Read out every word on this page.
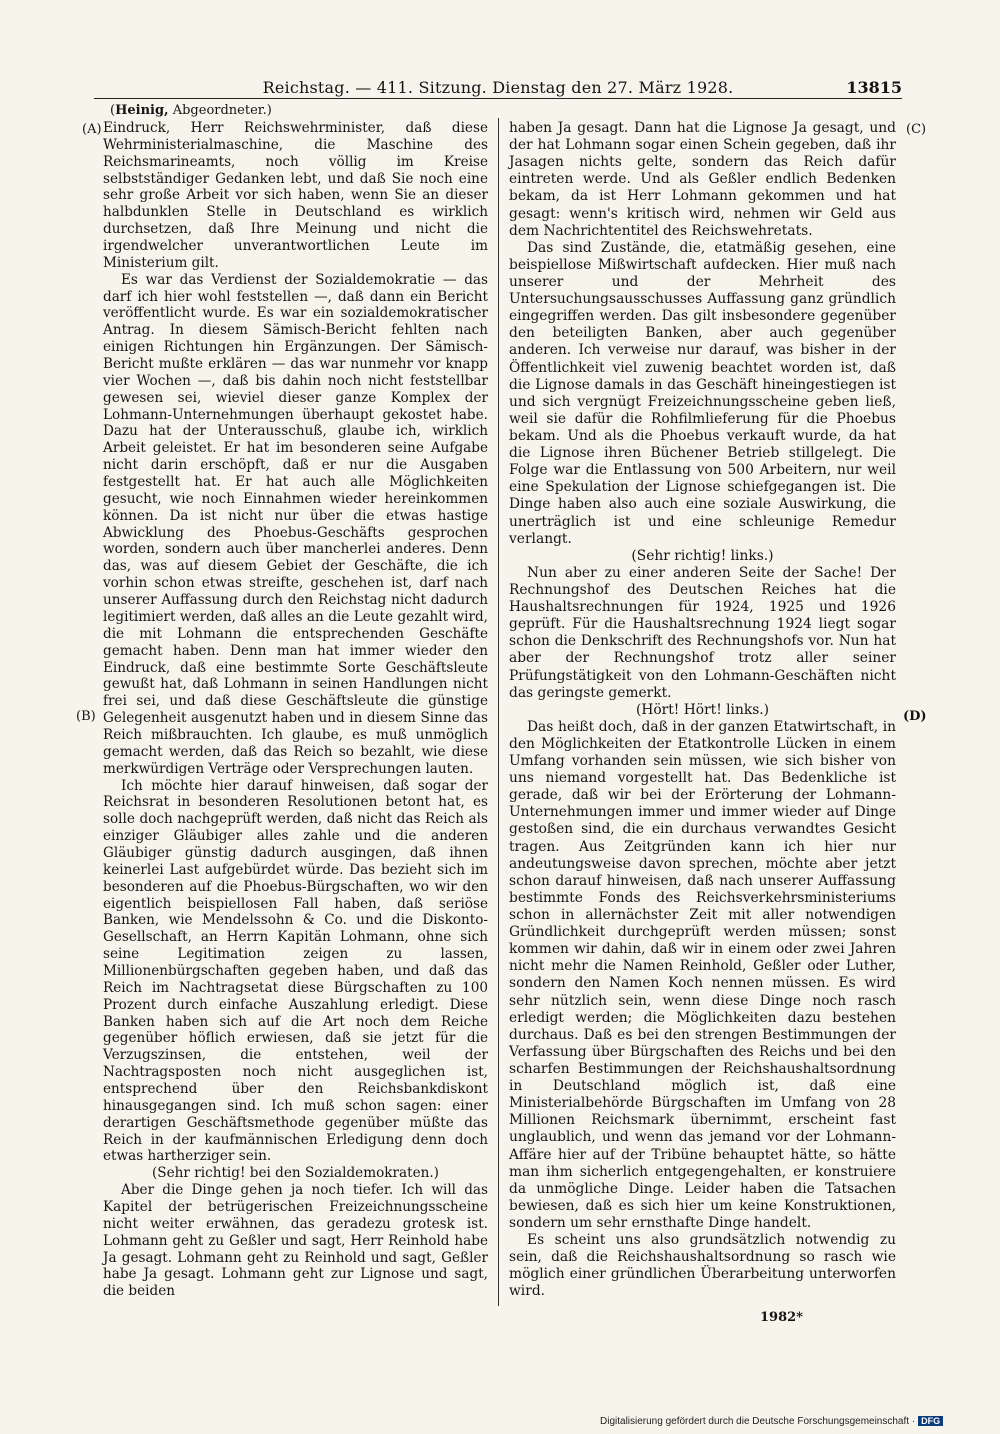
Reichstag. — 411. Sitzung. Dienstag den 27. März 1928.	13815
(Heinig, Abgeordneter.)
(A)
(B)
(C)
(D)

Eindruck, Herr Reichswehrminister, daß diese Wehrministerialmaschine, die Maschine des Reichsmarineamts, noch völlig im Kreise selbstständiger Gedanken lebt, und daß Sie noch eine sehr große Arbeit vor sich haben, wenn Sie an dieser halbdunklen Stelle in Deutschland es wirklich durchsetzen, daß Ihre Meinung und nicht die irgendwelcher unverantwortlichen Leute im Ministerium gilt.

Es war das Verdienst der Sozialdemokratie — das darf ich hier wohl feststellen —, daß dann ein Bericht veröffentlicht wurde. Es war ein sozialdemokratischer Antrag. In diesem Sämisch-Bericht fehlten nach einigen Richtungen hin Ergänzungen. Der Sämisch-Bericht mußte erklären — das war nunmehr vor knapp vier Wochen —, daß bis dahin noch nicht feststellbar gewesen sei, wieviel dieser ganze Komplex der Lohmann-Unternehmungen überhaupt gekostet habe. Dazu hat der Unterausschuß, glaube ich, wirklich Arbeit geleistet. Er hat im besonderen seine Aufgabe nicht darin erschöpft, daß er nur die Ausgaben festgestellt hat. Er hat auch alle Möglichkeiten gesucht, wie noch Einnahmen wieder hereinkommen können. Da ist nicht nur über die etwas hastige Abwicklung des Phoebus-Geschäfts gesprochen worden, sondern auch über mancherlei anderes. Denn das, was auf diesem Gebiet der Geschäfte, die ich vorhin schon etwas streifte, geschehen ist, darf nach unserer Auffassung durch den Reichstag nicht dadurch legitimiert werden, daß alles an die Leute gezahlt wird, die mit Lohmann die entsprechenden Geschäfte gemacht haben. Denn man hat immer wieder den Eindruck, daß eine bestimmte Sorte Geschäftsleute gewußt hat, daß Lohmann in seinen Handlungen nicht frei sei, und daß diese Geschäftsleute die günstige Gelegenheit ausgenutzt haben und in diesem Sinne das Reich mißbrauchten. Ich glaube, es muß unmöglich gemacht werden, daß das Reich so bezahlt, wie diese merkwürdigen Verträge oder Versprechungen lauten.

Ich möchte hier darauf hinweisen, daß sogar der Reichsrat in besonderen Resolutionen betont hat, es solle doch nachgeprüft werden, daß nicht das Reich als einziger Gläubiger alles zahle und die anderen Gläubiger günstig dadurch ausgingen, daß ihnen keinerlei Last aufgebürdet würde. Das bezieht sich im besonderen auf die Phoebus-Bürgschaften, wo wir den eigentlich beispiellosen Fall haben, daß seriöse Banken, wie Mendelssohn & Co. und die Diskonto-Gesellschaft, an Herrn Kapitän Lohmann, ohne sich seine Legitimation zeigen zu lassen, Millionenbürgschaften gegeben haben, und daß das Reich im Nachtragsetat diese Bürgschaften zu 100 Prozent durch einfache Auszahlung erledigt. Diese Banken haben sich auf die Art noch dem Reiche gegenüber höflich erwiesen, daß sie jetzt für die Verzugszinsen, die entstehen, weil der Nachtragsposten noch nicht ausgeglichen ist, entsprechend über den Reichsbankdiskont hinausgegangen sind. Ich muß schon sagen: einer derartigen Geschäftsmethode gegenüber müßte das Reich in der kaufmännischen Erledigung denn doch etwas hartherziger sein.

(Sehr richtig! bei den Sozialdemokraten.)

Aber die Dinge gehen ja noch tiefer. Ich will das Kapitel der betrügerischen Freizeichnungsscheine nicht weiter erwähnen, das geradezu grotesk ist. Lohmann geht zu Geßler und sagt, Herr Reinhold habe Ja gesagt. Lohmann geht zu Reinhold und sagt, Geßler habe Ja gesagt. Lohmann geht zur Lignose und sagt, die beiden

haben Ja gesagt. Dann hat die Lignose Ja gesagt, und der hat Lohmann sogar einen Schein gegeben, daß ihr Jasagen nichts gelte, sondern das Reich dafür eintreten werde. Und als Geßler endlich Bedenken bekam, da ist Herr Lohmann gekommen und hat gesagt: wenn's kritisch wird, nehmen wir Geld aus dem Nachrichtentitel des Reichswehretats.

Das sind Zustände, die, etatmäßig gesehen, eine beispiellose Mißwirtschaft aufdecken. Hier muß nach unserer und der Mehrheit des Untersuchungsausschusses Auffassung ganz gründlich eingegriffen werden. Das gilt insbesondere gegenüber den beteiligten Banken, aber auch gegenüber anderen. Ich verweise nur darauf, was bisher in der Öffentlichkeit viel zuwenig beachtet worden ist, daß die Lignose damals in das Geschäft hineingestiegen ist und sich vergnügt Freizeichnungsscheine geben ließ, weil sie dafür die Rohfilmlieferung für die Phoebus bekam. Und als die Phoebus verkauft wurde, da hat die Lignose ihren Büchener Betrieb stillgelegt. Die Folge war die Entlassung von 500 Arbeitern, nur weil eine Spekulation der Lignose schiefgegangen ist. Die Dinge haben also auch eine soziale Auswirkung, die unerträglich ist und eine schleunige Remedur verlangt.

(Sehr richtig! links.)

Nun aber zu einer anderen Seite der Sache! Der Rechnungshof des Deutschen Reiches hat die Haushaltsrechnungen für 1924, 1925 und 1926 geprüft. Für die Haushaltsrechnung 1924 liegt sogar schon die Denkschrift des Rechnungshofs vor. Nun hat aber der Rechnungshof trotz aller seiner Prüfungstätigkeit von den Lohmann-Geschäften nicht das geringste gemerkt.

(Hört! Hört! links.)

Das heißt doch, daß in der ganzen Etatwirtschaft, in den Möglichkeiten der Etatkontrolle Lücken in einem Umfang vorhanden sein müssen, wie sich bisher von uns niemand vorgestellt hat. Das Bedenkliche ist gerade, daß wir bei der Erörterung der Lohmann-Unternehmungen immer und immer wieder auf Dinge gestoßen sind, die ein durchaus verwandtes Gesicht tragen. Aus Zeitgründen kann ich hier nur andeutungsweise davon sprechen, möchte aber jetzt schon darauf hinweisen, daß nach unserer Auffassung bestimmte Fonds des Reichsverkehrsministeriums schon in allernächster Zeit mit aller notwendigen Gründlichkeit durchgeprüft werden müssen; sonst kommen wir dahin, daß wir in einem oder zwei Jahren nicht mehr die Namen Reinhold, Geßler oder Luther, sondern den Namen Koch nennen müssen. Es wird sehr nützlich sein, wenn diese Dinge noch rasch erledigt werden; die Möglichkeiten dazu bestehen durchaus. Daß es bei den strengen Bestimmungen der Verfassung über Bürgschaften des Reichs und bei den scharfen Bestimmungen der Reichshaushaltsordnung in Deutschland möglich ist, daß eine Ministerialbehörde Bürgschaften im Umfang von 28 Millionen Reichsmark übernimmt, erscheint fast unglaublich, und wenn das jemand vor der Lohmann-Affäre hier auf der Tribüne behauptet hätte, so hätte man ihm sicherlich entgegengehalten, er konstruiere da unmögliche Dinge. Leider haben die Tatsachen bewiesen, daß es sich hier um keine Konstruktionen, sondern um sehr ernsthafte Dinge handelt.

Es scheint uns also grundsätzlich notwendig zu sein, daß die Reichshaushaltsordnung so rasch wie möglich einer gründlichen Überarbeitung unterworfen wird.

1982*
Digitalisierung gefördert durch die Deutsche Forschungsgemeinschaft · DFG
